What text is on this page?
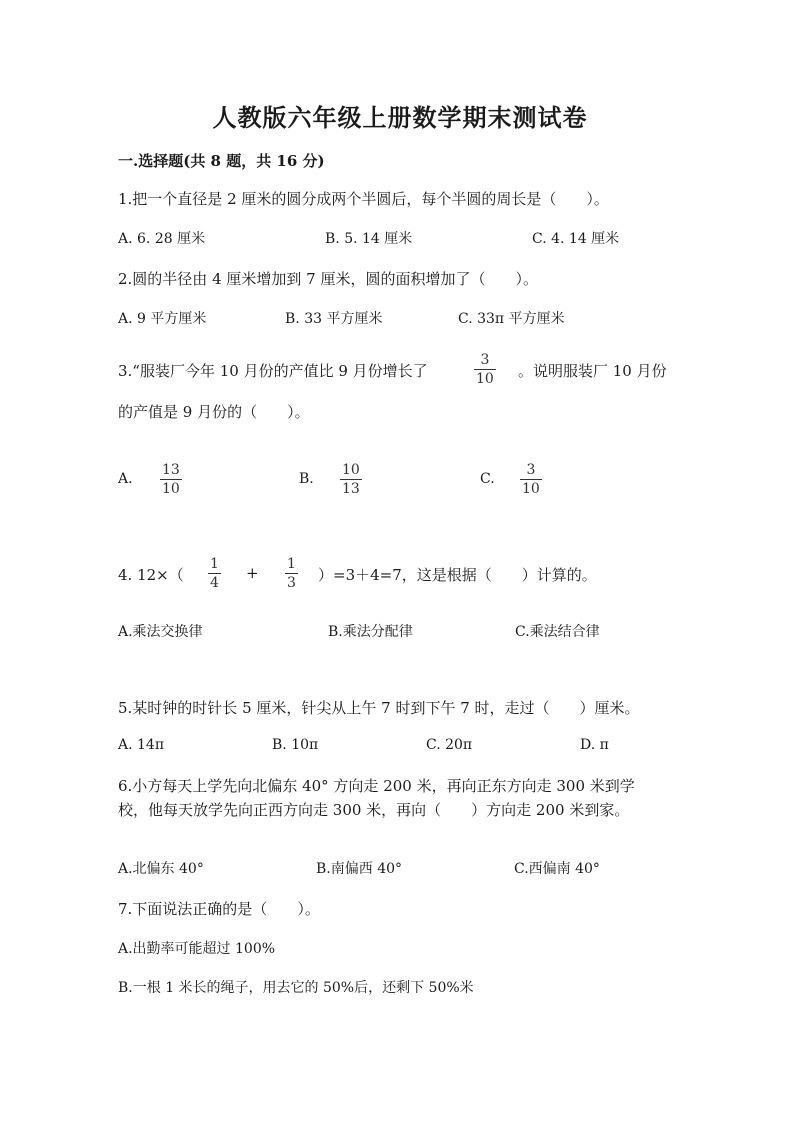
人教版六年级上册数学期末测试卷
一.选择题(共 8 题，共 16 分)
1.把一个直径是 2 厘米的圆分成两个半圆后，每个半圆的周长是（　　）。
A. 6. 28 厘米	B. 5. 14 厘米	C. 4. 14 厘米
2.圆的半径由 4 厘米增加到 7 厘米，圆的面积增加了（　　）。
A. 9 平方厘米	B. 33 平方厘米	C. 33π 平方厘米
3.“服装厂今年 10 月份的产值比 9 月份增长了
3
10 。说明服装厂 10 月份
的产值是 9 月份的（　　）。
A.
13
10
B.
10
13
C.
3
10
4. 12×（
1
4
+ 1
3 ）=3＋4=7，这是根据（　　）计算的。
A.乘法交换律	B.乘法分配律	C.乘法结合律
5.某时钟的时针长 5 厘米，针尖从上午 7 时到下午 7 时，走过（　　）厘米。
A. 14π	B. 10π	C. 20π	D. π
6.小方每天上学先向北偏东 40° 方向走 200 米，再向正东方向走 300 米到学
校，他每天放学先向正西方向走 300 米，再向（　　）方向走 200 米到家。
A.北偏东 40°	B.南偏西 40°	C.西偏南 40°
7.下面说法正确的是（　　）。
A.出勤率可能超过 100%
B.一根 1 米长的绳子，用去它的 50%后，还剩下 50%米
